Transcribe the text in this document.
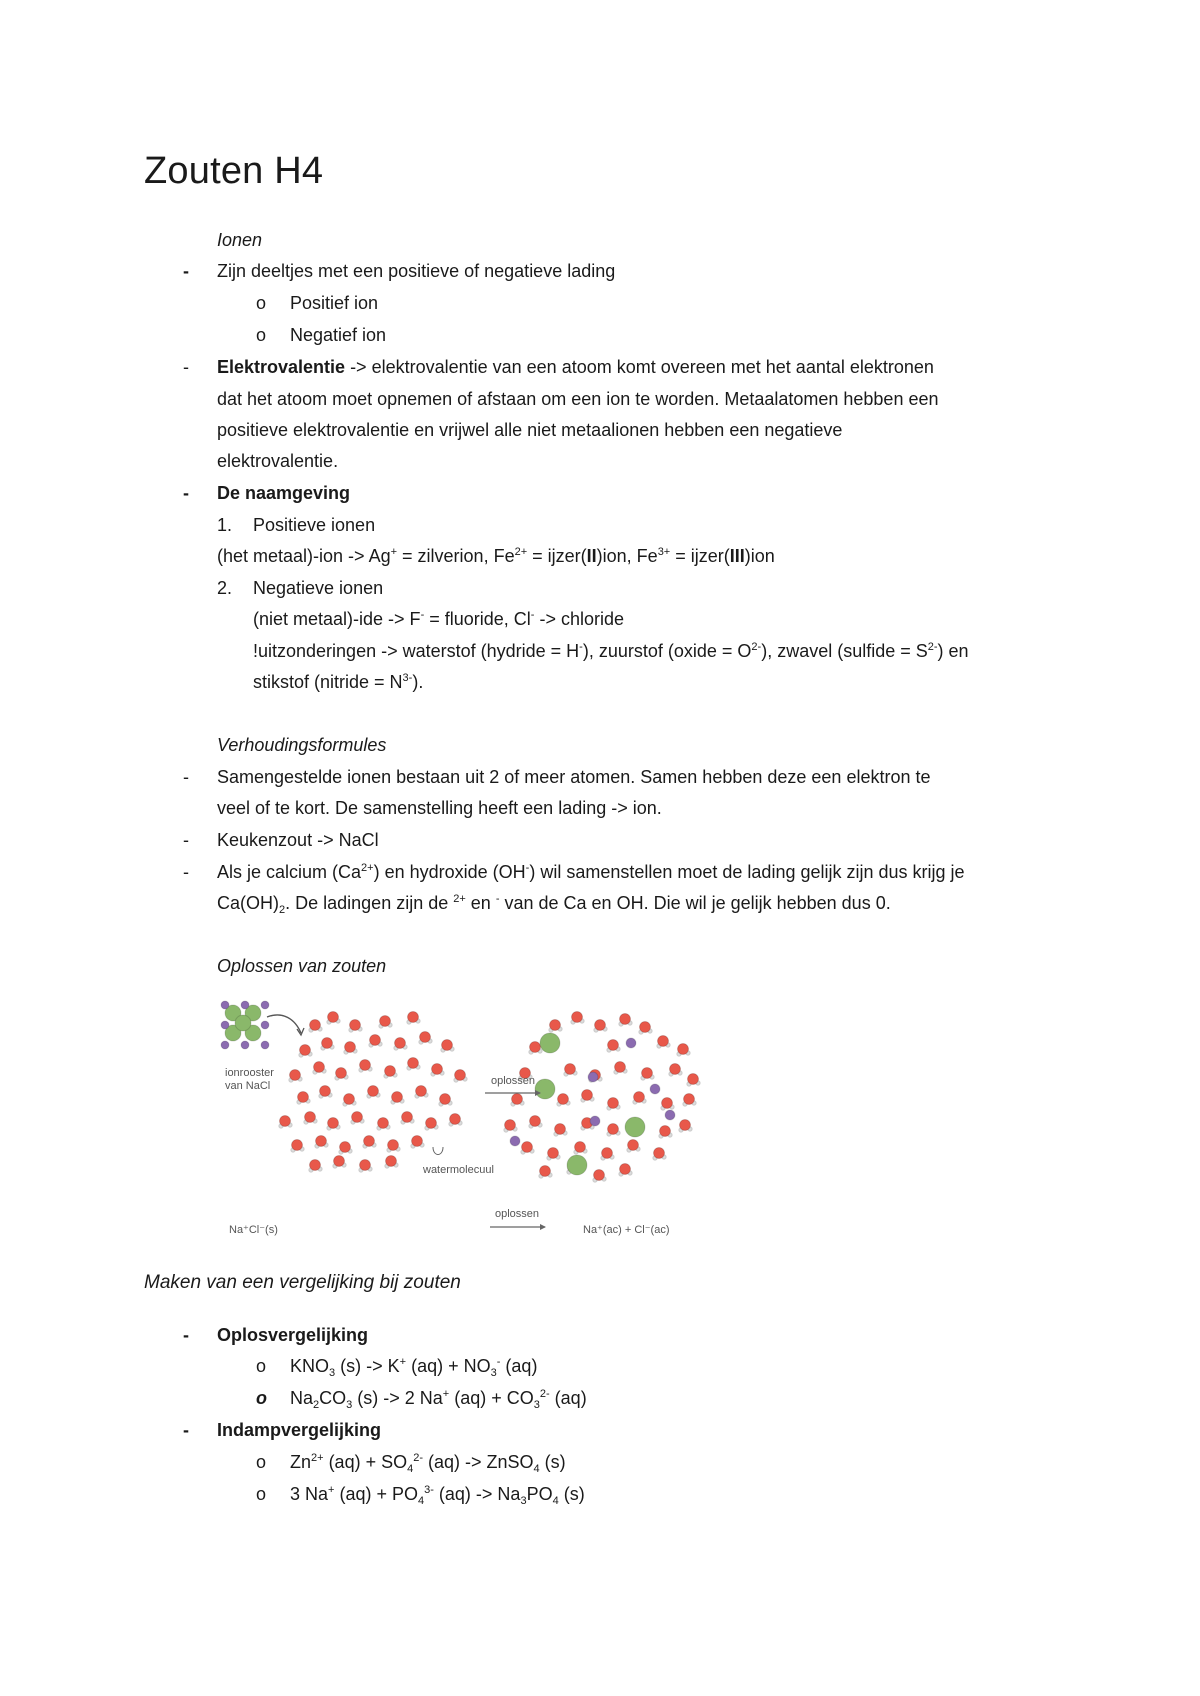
Zouten H4
Ionen
- Zijn deeltjes met een positieve of negatieve lading
o Positief ion
o Negatief ion
- Elektrovalentie -> elektrovalentie van een atoom komt overeen met het aantal elektronen
dat het atoom moet opnemen of afstaan om een ion te worden. Metaalatomen hebben een
positieve elektrovalentie en vrijwel alle niet metaalionen hebben een negatieve
elektrovalentie.
- De naamgeving
1. Positieve ionen
(het metaal)-ion -> Ag+ = zilverion, $Fe^{2+}$ = ijzer(II)ion, $Fe^{3+}$ = ijzer(III)ion
2. Negatieve ionen
(niet metaal)-ide -> F- = fluoride, Cl- -> chloride
!uitzonderingen -> waterstof (hydride = H-), zuurstof (oxide = $O^{2-}$), zwavel (sulfide = $S^{2-}$) en
stikstof (nitride = $N^{3-}$).
Verhoudingsformules
- Samengestelde ionen bestaan uit 2 of meer atomen. Samen hebben deze een elektron te
veel of te kort. De samenstelling heeft een lading -> ion.
- Keukenzout -> NaCl
- Als je calcium $(Ca^{2+})$ en hydroxide (OH-) wil samenstellen moet de lading gelijk zijn dus krijg je
$Ca(OH)_2$. De ladingen zijn de $^{2+}$ en - van de Ca en OH. Die wil je gelijk hebben dus 0.
Oplossen van zouten
ionrooster
van NaCl	oplossen
watermolecuul
Na⁺Cl⁻(s)
oplossen
Na⁺(ac) + Cl⁻(ac)
Maken van een vergelijking bij zouten
- Oplosvergelijking
o $KNO_3$ (s) -> K+ $(aq) + NO_3^-$ (aq)
o $Na_2CO_3$ (s) -> 2 Na+ $(aq) + CO_3^{2-}$ (aq)
- Indampvergelijking
o $Zn^{2+}$ $(aq) + SO_4^{2-}$ (aq) -> ZnSO$_4$ (s)
o 3 Na+ $(aq) + PO_4^{3-}$ $(aq) -> Na_3PO_4$ (s)
